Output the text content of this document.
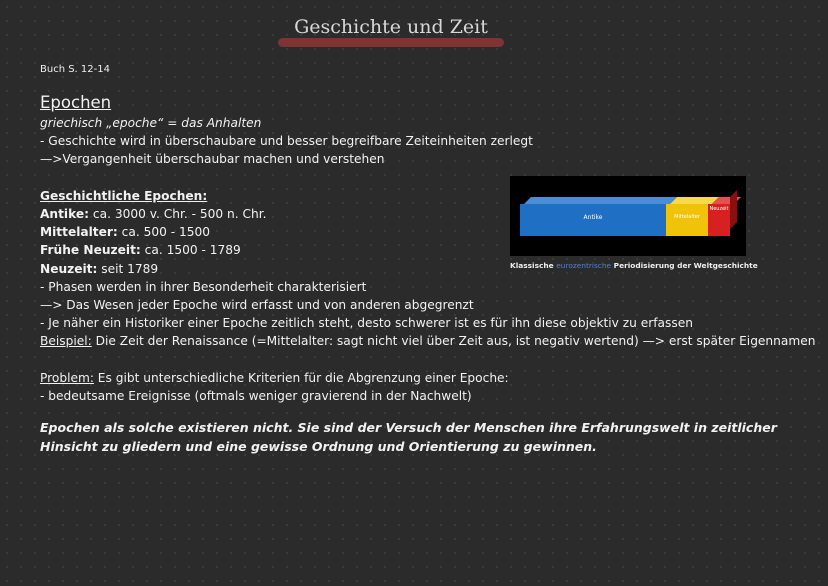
Geschichte und Zeit
Buch S. 12-14

Epochen

griechisch „epoche“ = das Anhalten

- Geschichte wird in überschaubare und besser begreifbare Zeiteinheiten zerlegt

—>Vergangenheit überschaubar machen und verstehen

Geschichtliche Epochen:

Antike: ca. 3000 v. Chr. - 500 n. Chr.

Mittelalter: ca. 500 - 1500

Frühe Neuzeit: ca. 1500 - 1789

Neuzeit: seit 1789

- Phasen werden in ihrer Besonderheit charakterisiert

—> Das Wesen jeder Epoche wird erfasst und von anderen abgegrenzt

- Je näher ein Historiker einer Epoche zeitlich steht, desto schwerer ist es für ihn diese objektiv zu erfassen

Beispiel: Die Zeit der Renaissance (=Mittelalter: sagt nicht viel über Zeit aus, ist negativ wertend) —> erst später Eigennamen

Problem: Es gibt unterschiedliche Kriterien für die Abgrenzung einer Epoche:

- bedeutsame Ereignisse (oftmals weniger gravierend in der Nachwelt)

Epochen als solche existieren nicht. Sie sind der Versuch der Menschen ihre Erfahrungswelt in zeitlicher Hinsicht zu gliedern und eine gewisse Ordnung und Orientierung zu gewinnen.

Antike	Mittelalter
Neuzeit
Klassische eurozentrische Periodisierung der Weltgeschichte
